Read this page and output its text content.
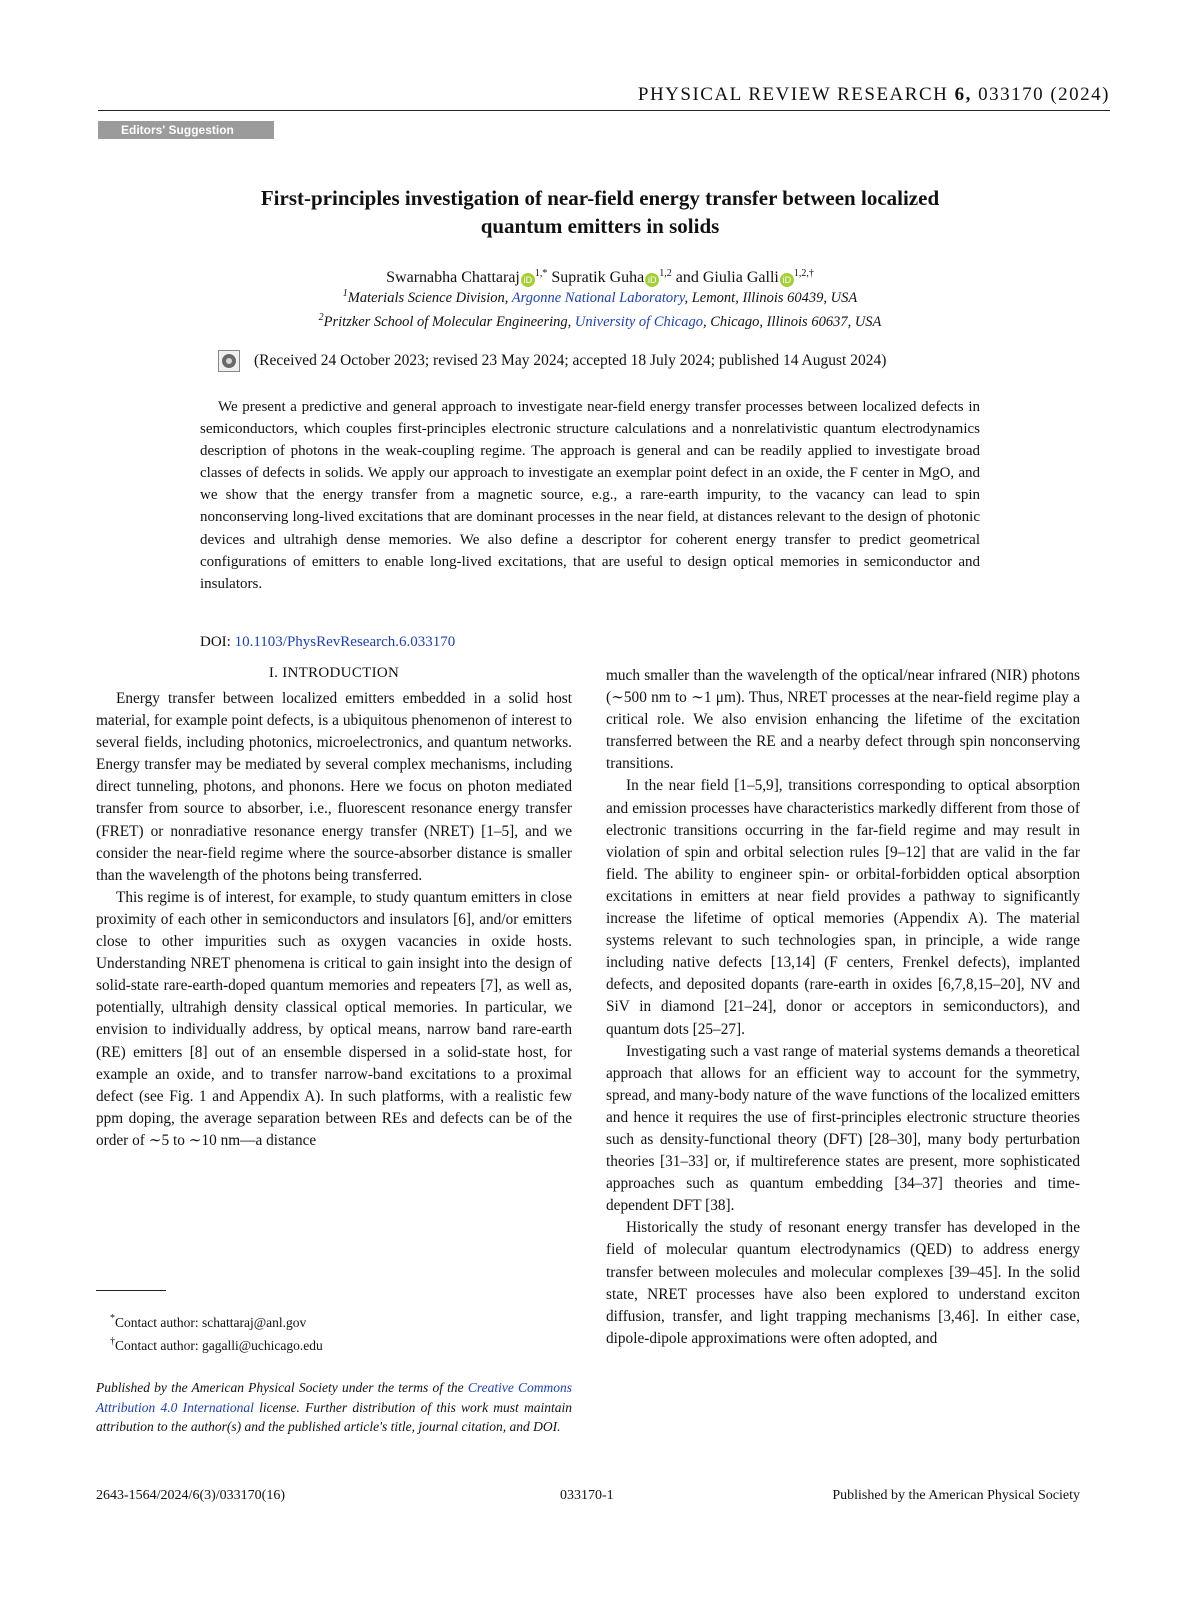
PHYSICAL REVIEW RESEARCH 6, 033170 (2024)
Editors' Suggestion
First-principles investigation of near-field energy transfer between localized
quantum emitters in solids
Swarnabha Chattaraj $iD^{1,*}$ Supratik Guha iD$^{1,2}$ and Giulia Galli $iD^{1,2,\dagger}$
$^1$Materials Science Division, Argonne National Laboratory, Lemont, Illinois 60439, USA
$^2$Pritzker School of Molecular Engineering, University of Chicago, Chicago, Illinois 60637, USA
(Received 24 October 2023; revised 23 May 2024; accepted 18 July 2024; published 14 August 2024)

We present a predictive and general approach to investigate near-field energy transfer processes between localized defects in semiconductors, which couples first-principles electronic structure calculations and a nonrelativistic quantum electrodynamics description of photons in the weak-coupling regime. The approach is general and can be readily applied to investigate broad classes of defects in solids. We apply our approach to investigate an exemplar point defect in an oxide, the F center in MgO, and we show that the energy transfer from a magnetic source, e.g., a rare-earth impurity, to the vacancy can lead to spin nonconserving long-lived excitations that are dominant processes in the near field, at distances relevant to the design of photonic devices and ultrahigh dense memories. We also define a descriptor for coherent energy transfer to predict geometrical configurations of emitters to enable long-lived excitations, that are useful to design optical memories in semiconductor and insulators.

DOI: 10.1103/PhysRevResearch.6.033170
I. INTRODUCTION

Energy transfer between localized emitters embedded in a solid host material, for example point defects, is a ubiquitous phenomenon of interest to several fields, including photonics, microelectronics, and quantum networks. Energy transfer may be mediated by several complex mechanisms, including direct tunneling, photons, and phonons. Here we focus on photon mediated transfer from source to absorber, i.e., fluorescent resonance energy transfer (FRET) or nonradiative resonance energy transfer (NRET) [1–5], and we consider the near-field regime where the source-absorber distance is smaller than the wavelength of the photons being transferred.

This regime is of interest, for example, to study quantum emitters in close proximity of each other in semiconductors and insulators [6], and/or emitters close to other impurities such as oxygen vacancies in oxide hosts. Understanding NRET phenomena is critical to gain insight into the design of solid-state rare-earth-doped quantum memories and repeaters [7], as well as, potentially, ultrahigh density classical optical memories. In particular, we envision to individually address, by optical means, narrow band rare-earth (RE) emitters [8] out of an ensemble dispersed in a solid-state host, for example an oxide, and to transfer narrow-band excitations to a proximal defect (see Fig. 1 and Appendix A). In such platforms, with a realistic few ppm doping, the average separation between REs and defects can be of the order of ∼5 to ∼10 nm—a distance

much smaller than the wavelength of the optical/near infrared (NIR) photons (∼500 nm to ∼1 μm). Thus, NRET processes at the near-field regime play a critical role. We also envision enhancing the lifetime of the excitation transferred between the RE and a nearby defect through spin nonconserving transitions.

In the near field [1–5,9], transitions corresponding to optical absorption and emission processes have characteristics markedly different from those of electronic transitions occurring in the far-field regime and may result in violation of spin and orbital selection rules [9–12] that are valid in the far field. The ability to engineer spin- or orbital-forbidden optical absorption excitations in emitters at near field provides a pathway to significantly increase the lifetime of optical memories (Appendix A). The material systems relevant to such technologies span, in principle, a wide range including native defects [13,14] (F centers, Frenkel defects), implanted defects, and deposited dopants (rare-earth in oxides [6,7,8,15–20], NV and SiV in diamond [21–24], donor or acceptors in semiconductors), and quantum dots [25–27].

Investigating such a vast range of material systems demands a theoretical approach that allows for an efficient way to account for the symmetry, spread, and many-body nature of the wave functions of the localized emitters and hence it requires the use of first-principles electronic structure theories such as density-functional theory (DFT) [28–30], many body perturbation theories [31–33] or, if multireference states are present, more sophisticated approaches such as quantum embedding [34–37] theories and time-dependent DFT [38].

Historically the study of resonant energy transfer has developed in the field of molecular quantum electrodynamics (QED) to address energy transfer between molecules and molecular complexes [39–45]. In the solid state, NRET processes have also been explored to understand exciton diffusion, transfer, and light trapping mechanisms [3,46]. In either case, dipole-dipole approximations were often adopted, and

*Contact author: schattaraj@anl.gov
†Contact author: gagalli@uchicago.edu

Published by the American Physical Society under the terms of the Creative Commons Attribution 4.0 International license. Further distribution of this work must maintain attribution to the author(s) and the published article's title, journal citation, and DOI.

2643-1564/2024/6(3)/033170(16)	033170-1	Published by the American Physical Society
